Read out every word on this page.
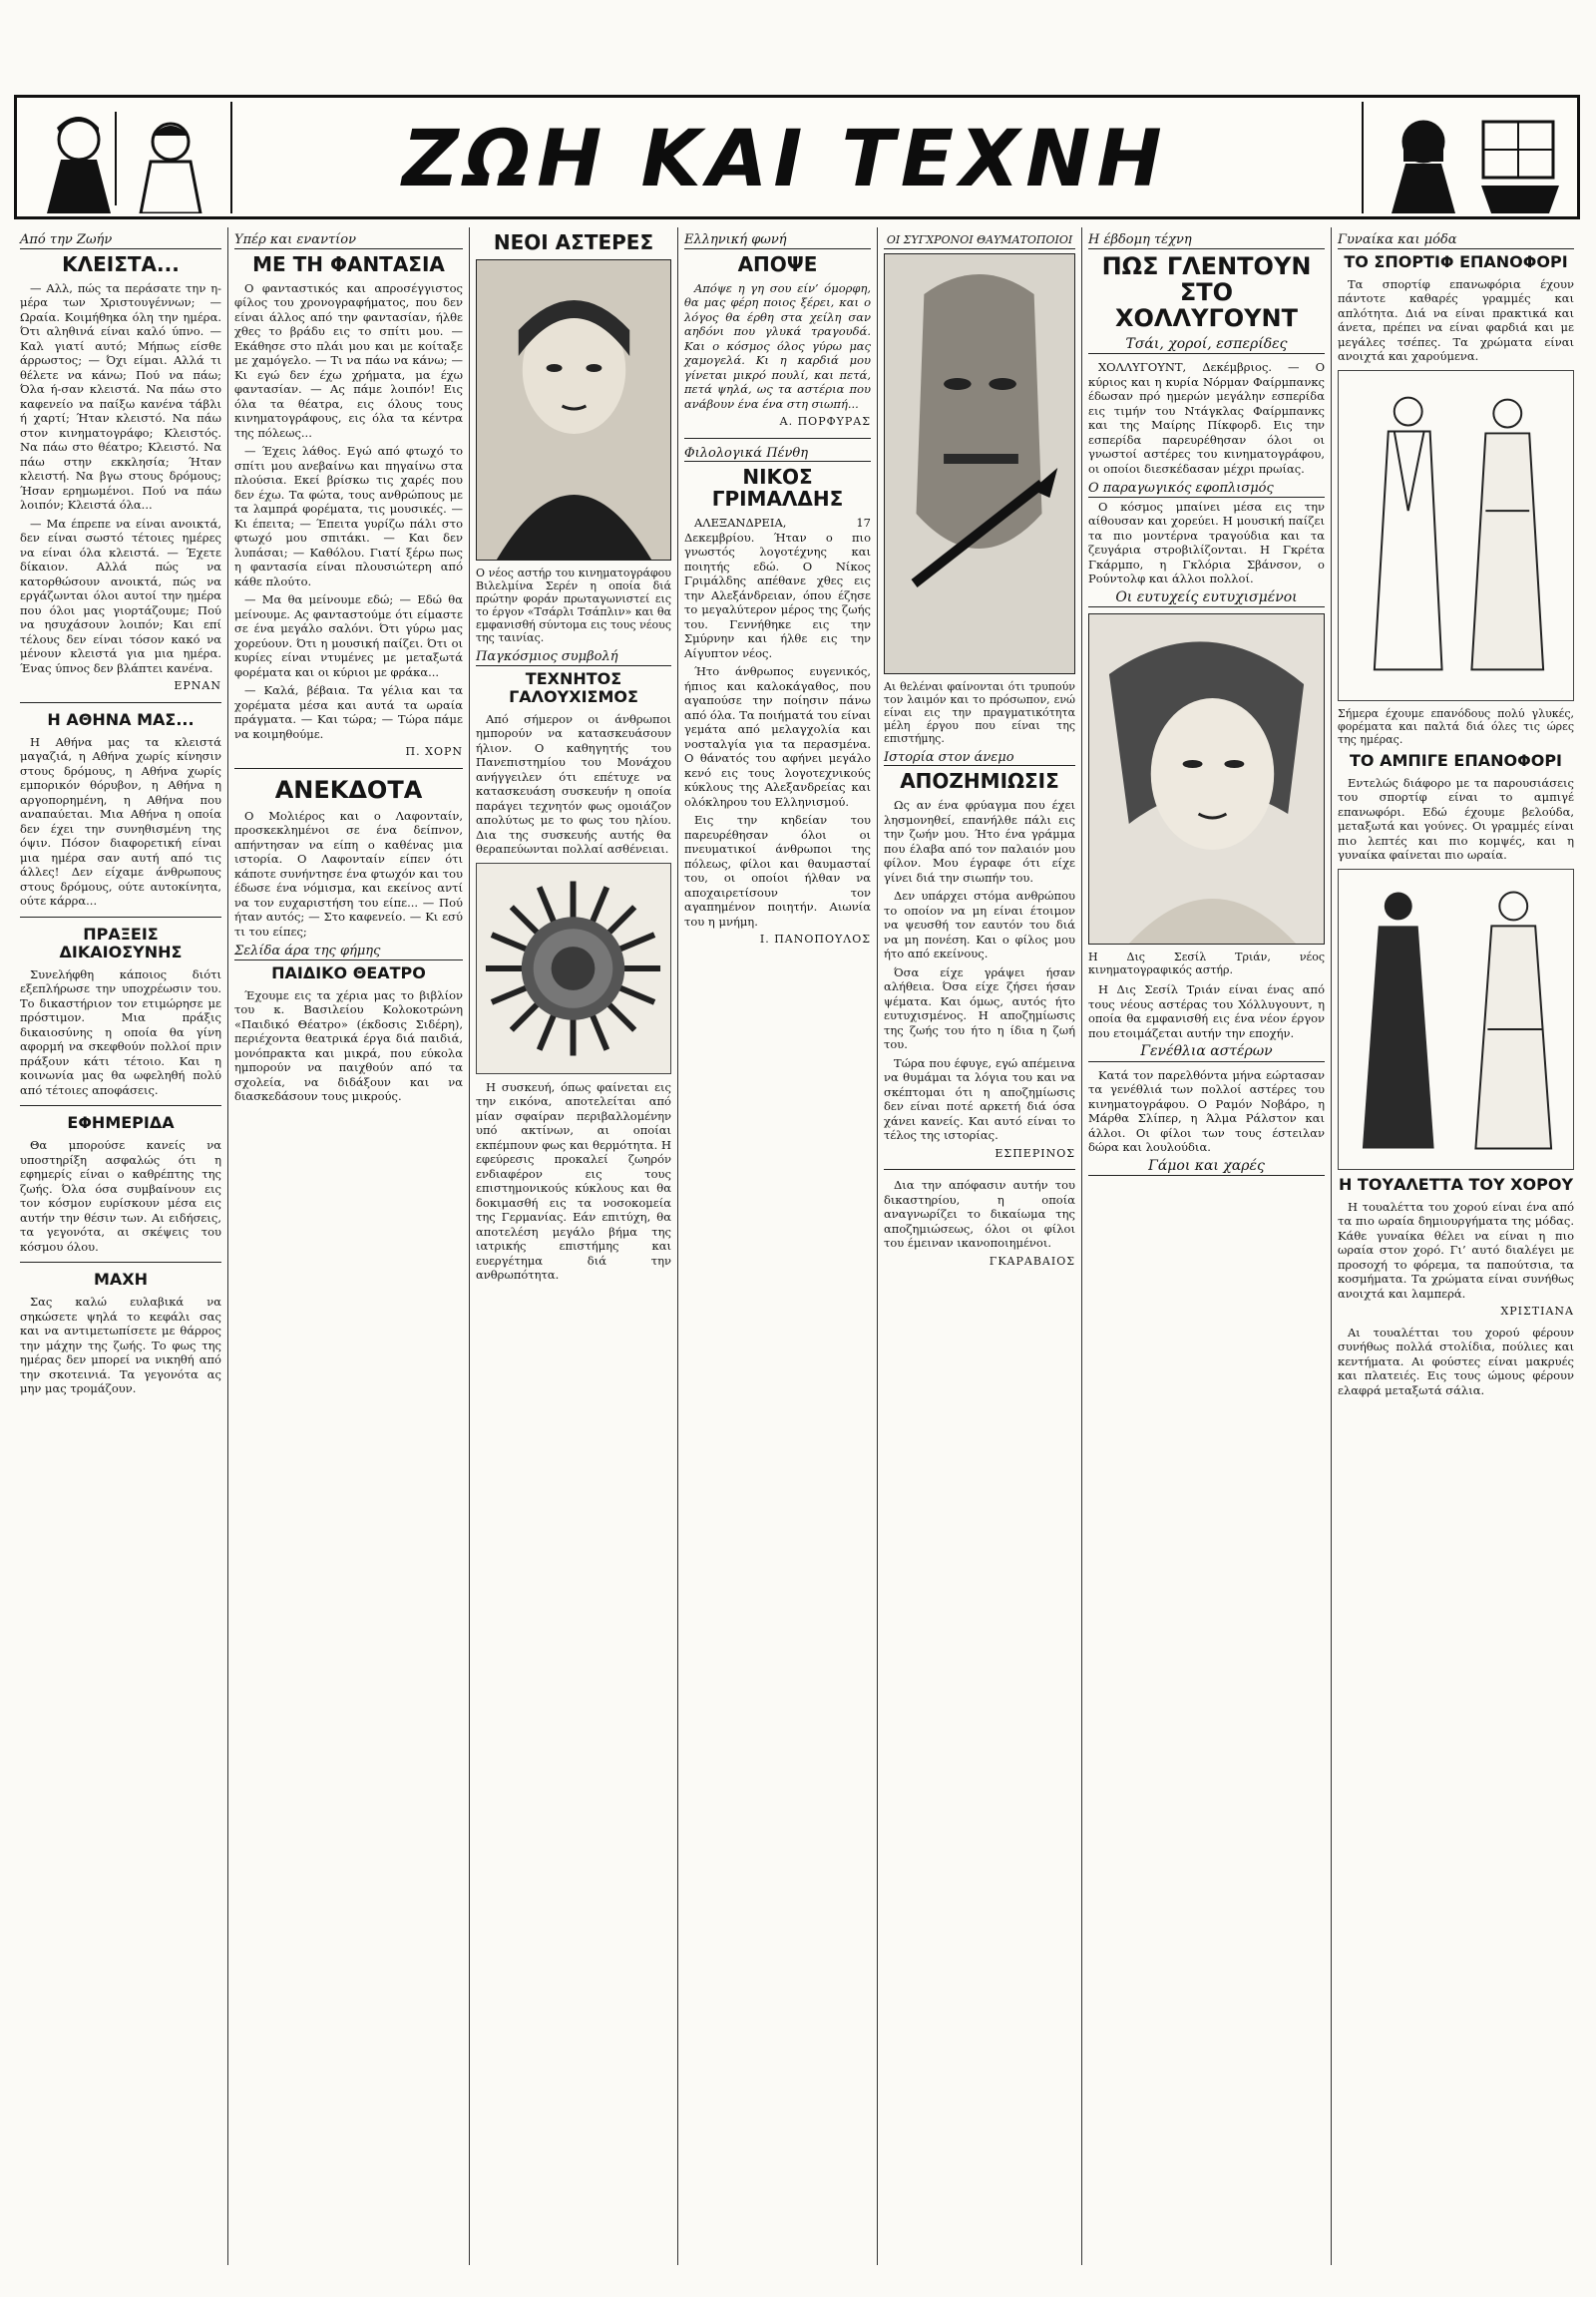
ΖΩΗ ΚΑΙ ΤΕΧΝΗ
Από την Ζωήν
ΚΛΕΙΣΤΑ...

— Αλλ, πώς τα περάσατε την η-μέρα των Χριστουγέννων; — Ωραία. Κοιμήθηκα όλη την ημέρα. Ότι αληθινά είναι καλό ύπνο. — Καλ γιατί αυτό; Μήπως είσθε άρρωστος; — Όχι είμαι. Αλλά τι θέλετε να κάνω; Πού να πάω; Όλα ή-σαν κλειστά. Να πάω στο καφενείο να παίξω κανένα τάβλι ή χαρτί; Ήταν κλειστό. Να πάω στον κινηματογράφο; Κλειστός. Να πάω στο θέατρο; Κλειστό. Να πάω στην εκκλησία; Ήταν κλειστή. Να βγω στους δρόμους; Ήσαν ερημωμένοι. Πού να πάω λοιπόν; Κλειστά όλα...

— Μα έπρεπε να είναι ανοικτά, δεν είναι σωστό τέτοιες ημέρες να είναι όλα κλειστά. — Έχετε δίκαιον. Αλλά πώς να κατορθώσουν ανοικτά, πώς να εργάζωνται όλοι αυτοί την ημέρα που όλοι μας γιορτάζουμε; Πού να ησυχάσουν λοιπόν; Και επί τέλους δεν είναι τόσον κακό να μένουν κλειστά για μια ημέρα. Ένας ύπνος δεν βλάπτει κανένα.

ΕΡΝΑΝ
Η ΑΘΗΝΑ ΜΑΣ...

Η Αθήνα μας τα κλειστά μαγαζιά, η Αθήνα χωρίς κίνησιν στους δρόμους, η Αθήνα χωρίς εμπορικόν θόρυβον, η Αθήνα η αργοπορημένη, η Αθήνα που αναπαύεται. Μια Αθήνα η οποία δεν έχει την συνηθισμένη της όψιν. Πόσον διαφορετική είναι μια ημέρα σαν αυτή από τις άλλες! Δεν είχαμε άνθρωπους στους δρόμους, ούτε αυτοκίνητα, ούτε κάρρα...

ΠΡΑΞΕΙΣ ΔΙΚΑΙΟΣΥΝΗΣ

Συνελήφθη κάποιος διότι εξεπλήρωσε την υποχρέωσιν του. Το δικαστήριον τον ετιμώρησε με πρόστιμον. Μια πράξις δικαιοσύνης η οποία θα γίνη αφορμή να σκεφθούν πολλοί πριν πράξουν κάτι τέτοιο. Και η κοινωνία μας θα ωφεληθή πολύ από τέτοιες αποφάσεις.

ΕΦΗΜΕΡΙΔΑ

Θα μπορούσε κανείς να υποστηρίξη ασφαλώς ότι η εφημερίς είναι ο καθρέπτης της ζωής. Όλα όσα συμβαίνουν εις τον κόσμον ευρίσκουν μέσα εις αυτήν την θέσιν των. Αι ειδήσεις, τα γεγονότα, αι σκέψεις του κόσμου όλου.

ΜΑΧΗ

Σας καλώ ευλαβικά να σηκώσετε ψηλά το κεφάλι σας και να αντιμετωπίσετε με θάρρος την μάχην της ζωής. Το φως της ημέρας δεν μπορεί να νικηθή από την σκοτεινιά. Τα γεγονότα ας μην μας τρομάζουν.

Υπέρ και εναντίον
ΜΕ ΤΗ ΦΑΝΤΑΣΙΑ

Ο φανταστικός και απροσέγγιστος φίλος του χρονογραφήματος, που δεν είναι άλλος από την φαντασίαν, ήλθε χθες το βράδυ εις το σπίτι μου. — Εκάθησε στο πλάι μου και με κοίταξε με χαμόγελο. — Τι να πάω να κάνω; — Κι εγώ δεν έχω χρήματα, μα έχω φαντασίαν. — Ας πάμε λοιπόν! Εις όλα τα θέατρα, εις όλους τους κινηματογράφους, εις όλα τα κέντρα της πόλεως...

— Έχεις λάθος. Εγώ από φτωχό το σπίτι μου ανεβαίνω και πηγαίνω στα πλούσια. Εκεί βρίσκω τις χαρές που δεν έχω. Τα φώτα, τους ανθρώπους με τα λαμπρά φορέματα, τις μουσικές. — Κι έπειτα; — Έπειτα γυρίζω πάλι στο φτωχό μου σπιτάκι. — Και δεν λυπάσαι; — Καθόλου. Γιατί ξέρω πως η φαντασία είναι πλουσιώτερη από κάθε πλούτο.

— Μα θα μείνουμε εδώ; — Εδώ θα μείνουμε. Ας φανταστούμε ότι είμαστε σε ένα μεγάλο σαλόνι. Ότι γύρω μας χορεύουν. Ότι η μουσική παίζει. Ότι οι κυρίες είναι ντυμένες με μεταξωτά φορέματα και οι κύριοι με φράκα...

— Καλά, βέβαια. Τα γέλια και τα χορέματα μέσα και αυτά τα ωραία πράγματα. — Και τώρα; — Τώρα πάμε να κοιμηθούμε.

Π. ΧΟΡΝ
ΑΝΕΚΔΟΤΑ

Ο Μολιέρος και ο Λαφονταίν, προσκεκλημένοι σε ένα δείπνον, απήντησαν να είπη ο καθένας μια ιστορία. Ο Λαφονταίν είπεν ότι κάποτε συνήντησε ένα φτωχόν και του έδωσε ένα νόμισμα, και εκείνος αντί να τον ευχαριστήση του είπε... — Πού ήταν αυτός; — Στο καφενείο. — Κι εσύ τι του είπες;

Σελίδα άρα της φήμης
ΠΑΙΔΙΚΟ ΘΕΑΤΡΟ

Έχουμε εις τα χέρια μας το βιβλίον του κ. Βασιλείου Κολοκοτρώνη «Παιδικό Θέατρο» (έκδοσις Σιδέρη), περιέχοντα θεατρικά έργα διά παιδιά, μονόπρακτα και μικρά, που εύκολα ημπορούν να παιχθούν από τα σχολεία, να διδάξουν και να διασκεδάσουν τους μικρούς.

ΝΕΟΙ ΑΣΤΕΡΕΣ
Ο νέος αστήρ του κινηματογράφου Βιλελμίνα Σερέν η οποία διά πρώτην φοράν πρωταγωνιστεί εις το έργον «Τσάρλι Τσάπλιν» και θα εμφανισθή σύντομα εις τους νέους της ταινίας.
Παγκόσμιος συμβολή
ΤΕΧΝΗΤΟΣ ΓΑΛΟΥΧΙΣΜΟΣ

Από σήμερον οι άνθρωποι ημπορούν να κατασκευάσουν ήλιον. Ο καθηγητής του Πανεπιστημίου του Μονάχου ανήγγειλεν ότι επέτυχε να κατασκευάση συσκευήν η οποία παράγει τεχνητόν φως ομοιάζον απολύτως με το φως του ηλίου. Δια της συσκευής αυτής θα θεραπεύωνται πολλαί ασθένειαι.

Η συσκευή, όπως φαίνεται εις την εικόνα, αποτελείται από μίαν σφαίραν περιβαλλομένην υπό ακτίνων, αι οποίαι εκπέμπουν φως και θερμότητα. Η εφεύρεσις προκαλεί ζωηρόν ενδιαφέρον εις τους επιστημονικούς κύκλους και θα δοκιμασθή εις τα νοσοκομεία της Γερμανίας. Εάν επιτύχη, θα αποτελέση μεγάλο βήμα της ιατρικής επιστήμης και ευεργέτημα διά την ανθρωπότητα.

Ελληνική φωνή
ΑΠΟΨΕ

Απόψε η γη σου είν’ όμορφη, θα μας φέρη ποιος ξέρει, και ο λόγος θα έρθη στα χείλη σαν αηδόνι που γλυκά τραγουδά. Και ο κόσμος όλος γύρω μας χαμογελά. Κι η καρδιά μου γίνεται μικρό πουλί, και πετά, πετά ψηλά, ως τα αστέρια που ανάβουν ένα ένα στη σιωπή...

Α. ΠΟΡΦΥΡΑΣ
Φιλολογικά Πένθη
ΝΙΚΟΣ ΓΡΙΜΑΛΔΗΣ

ΑΛΕΞΑΝΔΡΕΙΑ, 17 Δεκεμβρίου. Ήταν ο πιο γνωστός λογοτέχνης και ποιητής εδώ. Ο Νίκος Γριμάλδης απέθανε χθες εις την Αλεξάνδρειαν, όπου έζησε το μεγαλύτερον μέρος της ζωής του. Γεννήθηκε εις την Σμύρνην και ήλθε εις την Αίγυπτον νέος.

Ήτο άνθρωπος ευγενικός, ήπιος και καλοκάγαθος, που αγαπούσε την ποίησιν πάνω από όλα. Τα ποιήματά του είναι γεμάτα από μελαγχολία και νοσταλγία για τα περασμένα. Ο θάνατός του αφήνει μεγάλο κενό εις τους λογοτεχνικούς κύκλους της Αλεξανδρείας και ολόκληρου του Ελληνισμού.

Εις την κηδείαν του παρευρέθησαν όλοι οι πνευματικοί άνθρωποι της πόλεως, φίλοι και θαυμασταί του, οι οποίοι ήλθαν να αποχαιρετίσουν τον αγαπημένον ποιητήν. Αιωνία του η μνήμη.

Ι. ΠΑΝΟΠΟΥΛΟΣ
ΟΙ ΣΥΓΧΡΟΝΟΙ ΘΑΥΜΑΤΟΠΟΙΟΙ
Αι θελέναι φαίνονται ότι τρυπούν τον λαιμόν και το πρόσωπον, ενώ είναι εις την πραγματικότητα μέλη έργου που είναι της επιστήμης.
Ιστορία στον άνεμο
ΑΠΟΖΗΜΙΩΣΙΣ

Ως αν ένα φρύαγμα που έχει λησμονηθεί, επανήλθε πάλι εις την ζωήν μου. Ήτο ένα γράμμα που έλαβα από τον παλαιόν μου φίλον. Μου έγραφε ότι είχε γίνει διά την σιωπήν του.

Δεν υπάρχει στόμα ανθρώπου το οποίον να μη είναι έτοιμον να ψευσθή τον εαυτόν του διά να μη πονέση. Και ο φίλος μου ήτο από εκείνους.

Όσα είχε γράψει ήσαν αλήθεια. Όσα είχε ζήσει ήσαν ψέματα. Και όμως, αυτός ήτο ευτυχισμένος. Η αποζημίωσις της ζωής του ήτο η ίδια η ζωή του.

Τώρα που έφυγε, εγώ απέμεινα να θυμάμαι τα λόγια του και να σκέπτομαι ότι η αποζημίωσις δεν είναι ποτέ αρκετή διά όσα χάνει κανείς. Και αυτό είναι το τέλος της ιστορίας.

ΕΣΠΕΡΙΝΟΣ

Δια την απόφασιν αυτήν του δικαστηρίου, η οποία αναγνωρίζει το δικαίωμα της αποζημιώσεως, όλοι οι φίλοι του έμειναν ικανοποιημένοι.

ΓΚΑΡΑΒΑΙΟΣ
Η έβδομη τέχνη
ΠΩΣ ΓΛΕΝΤΟΥΝ ΣΤΟ ΧΟΛΛΥΓΟΥΝΤ
Τσάι, χοροί, εσπερίδες

ΧΟΛΛΥΓΟΥΝΤ, Δεκέμβριος. — Ο κύριος και η κυρία Νόρμαν Φαίρμπανκς έδωσαν πρό ημερών μεγάλην εσπερίδα εις τιμήν του Ντάγκλας Φαίρμπανκς και της Μαίρης Πίκφορδ. Εις την εσπερίδα παρευρέθησαν όλοι οι γνωστοί αστέρες του κινηματογράφου, οι οποίοι διεσκέδασαν μέχρι πρωίας.

Ο παραγωγικός εφοπλισμός

Ο κόσμος μπαίνει μέσα εις την αίθουσαν και χορεύει. Η μουσική παίζει τα πιο μοντέρνα τραγούδια και τα ζευγάρια στροβιλίζονται. Η Γκρέτα Γκάρμπο, η Γκλόρια Σβάνσον, ο Ρούντολφ και άλλοι πολλοί.

Οι ευτυχείς ευτυχισμένοι
Η Δις Σεσίλ Τριάν, νέος κινηματογραφικός αστήρ.

Η Δις Σεσίλ Τριάν είναι ένας από τους νέους αστέρας του Χόλλυγουντ, η οποία θα εμφανισθή εις ένα νέον έργον που ετοιμάζεται αυτήν την εποχήν.

Γενέθλια αστέρων

Κατά τον παρελθόντα μήνα εώρτασαν τα γενέθλιά των πολλοί αστέρες του κινηματογράφου. Ο Ραμόν Νοβάρο, η Μάρθα Σλίπερ, η Άλμα Ράλστον και άλλοι. Οι φίλοι των τους έστειλαν δώρα και λουλούδια.

Γάμοι και χαρές
Γυναίκα και μόδα
ΤΟ ΣΠΟΡΤΙΦ ΕΠΑΝΟΦΟΡΙ

Τα σπορτίφ επανωφόρια έχουν πάντοτε καθαρές γραμμές και απλότητα. Διά να είναι πρακτικά και άνετα, πρέπει να είναι φαρδιά και με μεγάλες τσέπες. Τα χρώματα είναι ανοιχτά και χαρούμενα.

Σήμερα έχουμε επανόδους πολύ γλυκές, φορέματα και παλτά διά όλες τις ώρες της ημέρας.
ΤΟ ΑΜΠΙΓΕ ΕΠΑΝΟΦΟΡΙ

Εντελώς διάφορο με τα παρουσιάσεις του σπορτίφ είναι το αμπιγέ επανωφόρι. Εδώ έχουμε βελούδα, μεταξωτά και γούνες. Οι γραμμές είναι πιο λεπτές και πιο κομψές, και η γυναίκα φαίνεται πιο ωραία.

Η ΤΟΥΑΛΕΤΤΑ ΤΟΥ ΧΟΡΟΥ

Η τουαλέττα του χορού είναι ένα από τα πιο ωραία δημιουργήματα της μόδας. Κάθε γυναίκα θέλει να είναι η πιο ωραία στον χορό. Γι’ αυτό διαλέγει με προσοχή το φόρεμα, τα παπούτσια, τα κοσμήματα. Τα χρώματα είναι συνήθως ανοιχτά και λαμπερά.

ΧΡΙΣΤΙΑΝΑ

Αι τουαλέτται του χορού φέρουν συνήθως πολλά στολίδια, πούλιες και κεντήματα. Αι φούστες είναι μακρυές και πλατειές. Εις τους ώμους φέρουν ελαφρά μεταξωτά σάλια.
